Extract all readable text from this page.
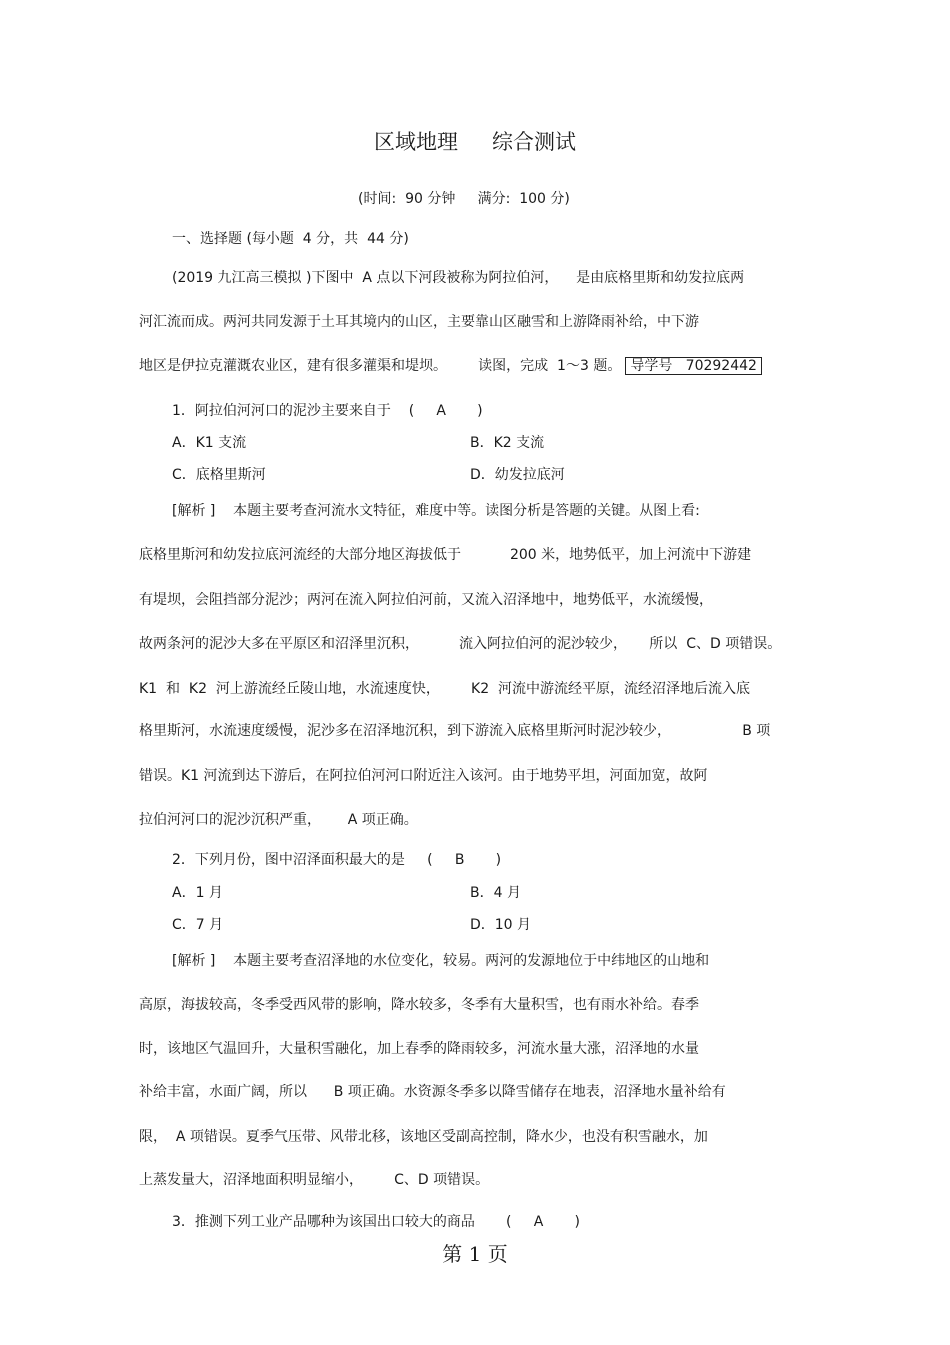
区域地理 综合测试
(时间:  90 分钟     满分:  100 分)
一、选择题 (每小题  4 分，共  44 分)
(2019 九江高三模拟 )下图中  A 点以下河段被称为阿拉伯河，    是由底格里斯和幼发拉底两
河汇流而成。两河共同发源于土耳其境内的山区，主要靠山区融雪和上游降雨补给，中下游
地区是伊拉克灌溉农业区，建有很多灌渠和堤坝。       读图，完成  1～3 题。 导学号   70292442
1．阿拉伯河河口的泥沙主要来自于    (     A       )
A．K1 支流	B．K2 支流
C．底格里斯河	D．幼发拉底河
[解析 ]    本题主要考查河流水文特征，难度中等。读图分析是答题的关键。从图上看:
底格里斯河和幼发拉底河流经的大部分地区海拔低于           200 米，地势低平，加上河流中下游建
有堤坝，会阻挡部分泥沙；两河在流入阿拉伯河前，又流入沼泽地中，地势低平，水流缓慢，
故两条河的泥沙大多在平原区和沼泽里沉积，         流入阿拉伯河的泥沙较少，     所以  C、D 项错误。
K1  和  K2  河上游流经丘陵山地，水流速度快，       K2  河流中游流经平原，流经沼泽地后流入底
格里斯河，水流速度缓慢，泥沙多在沼泽地沉积，到下游流入底格里斯河时泥沙较少，                B 项
错误。K1 河流到达下游后，在阿拉伯河河口附近注入该河。由于地势平坦，河面加宽，故阿
拉伯河河口的泥沙沉积严重，      A 项正确。
2．下列月份，图中沼泽面积最大的是     (     B       )
A．1 月	B．4 月
C．7 月	D．10 月
[解析 ]    本题主要考查沼泽地的水位变化，较易。两河的发源地位于中纬地区的山地和
高原，海拔较高，冬季受西风带的影响，降水较多，冬季有大量积雪，也有雨水补给。春季
时，该地区气温回升，大量积雪融化，加上春季的降雨较多，河流水量大涨，沼泽地的水量
补给丰富，水面广阔，所以      B 项正确。水资源冬季多以降雪储存在地表，沼泽地水量补给有
限，  A 项错误。夏季气压带、风带北移，该地区受副高控制，降水少，也没有积雪融水，加
上蒸发量大，沼泽地面积明显缩小，       C、D 项错误。
3．推测下列工业产品哪种为该国出口较大的商品       (     A       )
第 1 页
